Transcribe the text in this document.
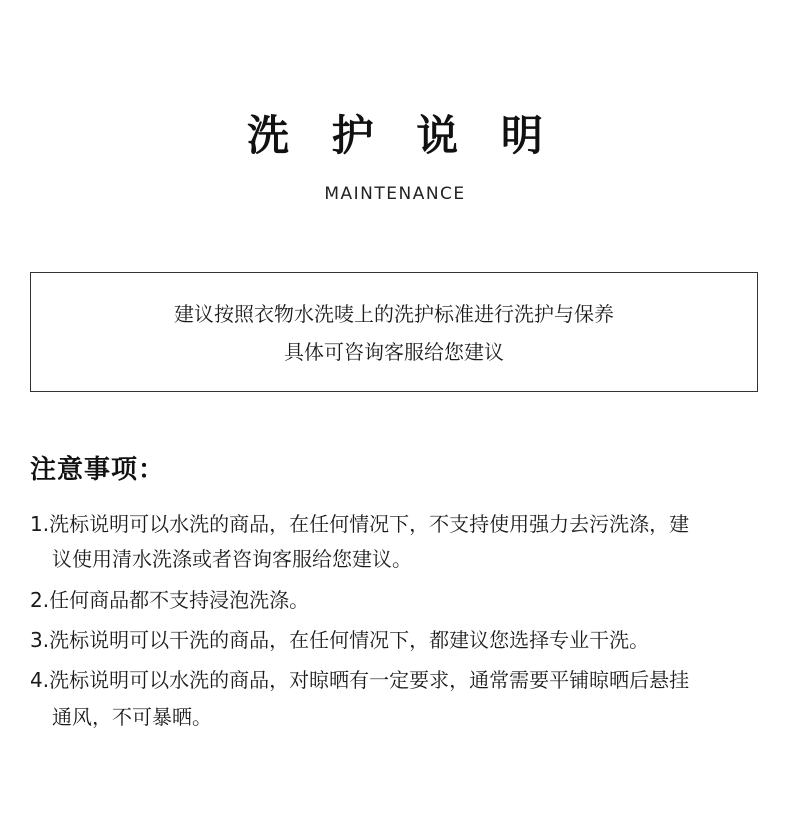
洗 护 说 明
MAINTENANCE
建议按照衣物水洗唛上的洗护标准进行洗护与保养
具体可咨询客服给您建议
注意事项：
1.洗标说明可以水洗的商品，在任何情况下，不支持使用强力去污洗涤，建
议使用清水洗涤或者咨询客服给您建议。
2.任何商品都不支持浸泡洗涤。
3.洗标说明可以干洗的商品，在任何情况下，都建议您选择专业干洗。
4.洗标说明可以水洗的商品，对晾晒有一定要求，通常需要平铺晾晒后悬挂
通风，不可暴晒。
